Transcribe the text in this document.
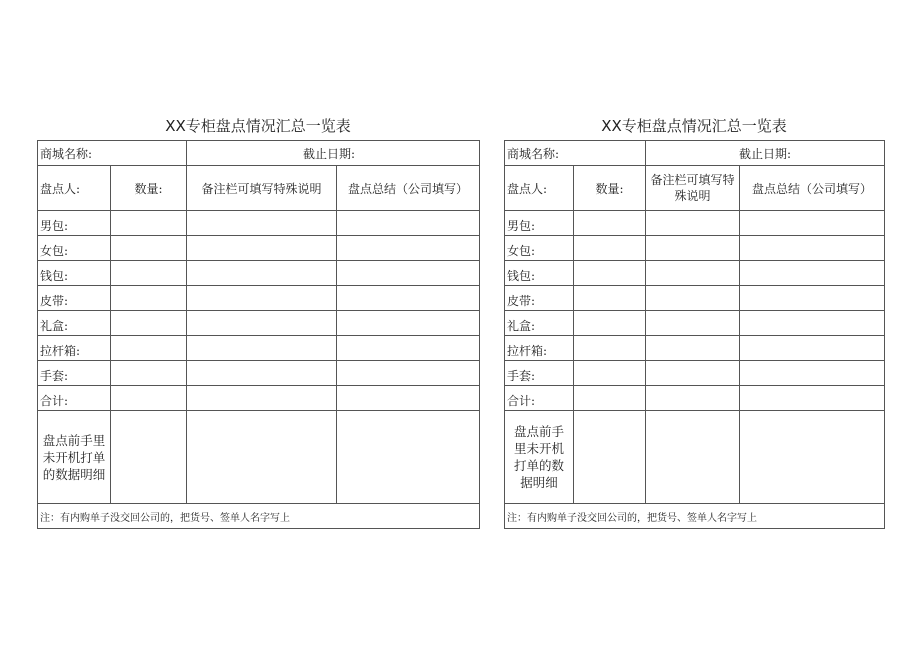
XX专柜盘点情况汇总一览表
商城名称:		截止日期:	
盘点人:	数量:	备注栏可填写特殊说明	盘点总结（公司填写）
男包:			
女包:			
钱包:			
皮带:			
礼盒:			
拉杆箱:			
手套:			
合计:			
盘点前手里未开机打单的数据明细			
注：有内购单子没交回公司的，把货号、签单人名字写上			
XX专柜盘点情况汇总一览表
商城名称:		截止日期:	
盘点人:	数量:	备注栏可填写特殊说明	盘点总结（公司填写）
男包:			
女包:			
钱包:			
皮带:			
礼盒:			
拉杆箱:			
手套:			
合计:			
盘点前手里未开机打单的数据明细			
注：有内购单子没交回公司的，把货号、签单人名字写上			
